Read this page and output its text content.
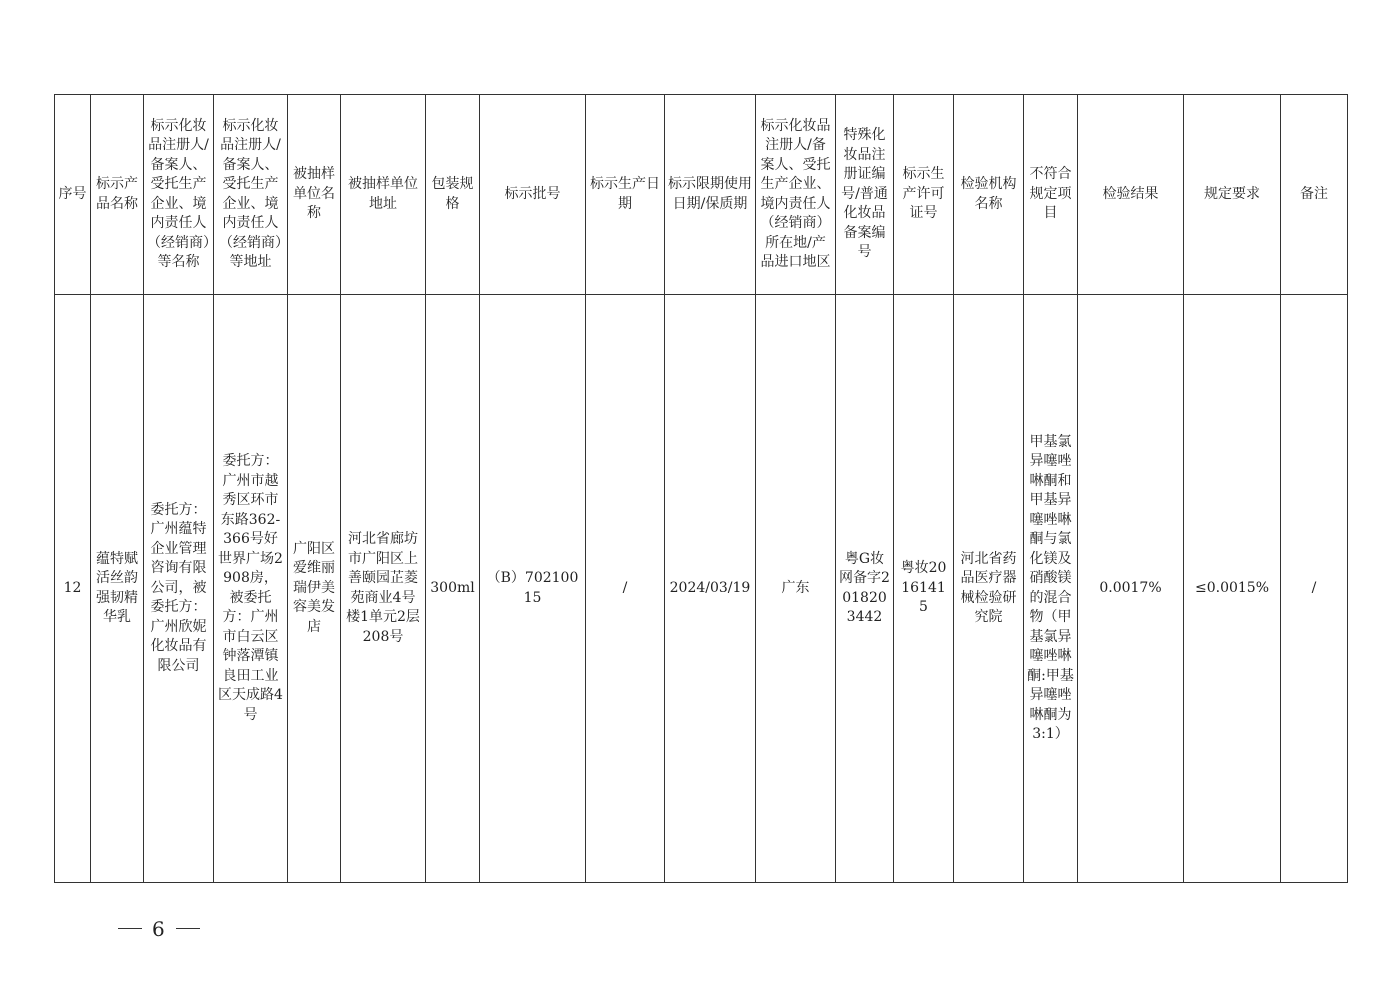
序号	标示产品名称	标示化妆品注册人/备案人、受托生产企业、境内责任人（经销商）等名称	标示化妆品注册人/备案人、受托生产企业、境内责任人（经销商）等地址	被抽样单位名称	被抽样单位地址	包装规格	标示批号	标示生产日期	标示限期使用日期/保质期	标示化妆品注册人/备案人、受托生产企业、境内责任人（经销商）所在地/产品进口地区	特殊化妆品注册证编号/普通化妆品备案编号	标示生产许可证号	检验机构名称	不符合规定项目	检验结果	规定要求	备注
12	蕴特赋活丝韵强韧精华乳	委托方：广州蕴特企业管理咨询有限公司，被委托方：广州欣妮化妆品有限公司	委托方：广州市越秀区环市东路362-366号好世界广场2908房，被委托方：广州市白云区钟落潭镇良田工业区天成路4号	广阳区爱维丽瑞伊美容美发店	河北省廊坊市广阳区上善颐园芷菱苑商业4号楼1单元2层208号	300ml	（B）70210015	/	2024/03/19	广东	粤G妆网备字2018203442	粤妆20161415	河北省药品医疗器械检验研究院	甲基氯异噻唑啉酮和甲基异噻唑啉酮与氯化镁及硝酸镁的混合物（甲基氯异噻唑啉酮:甲基异噻唑啉酮为3:1）	0.0017%	≤0.0015%	/
6
